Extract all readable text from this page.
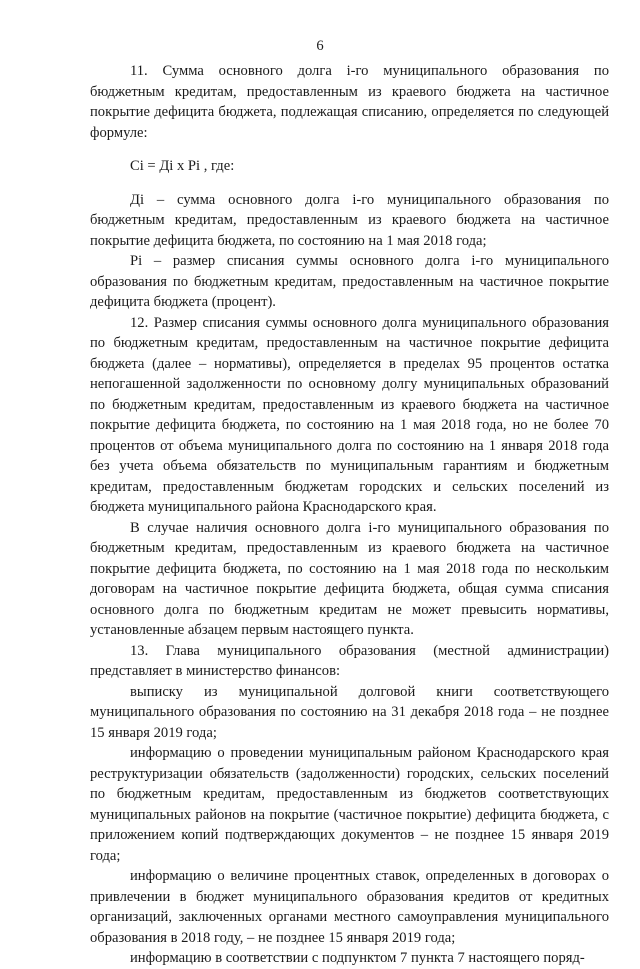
6

11. Сумма основного долга i-го муниципального образования по бюджетным кредитам, предоставленным из краевого бюджета на частичное покрытие дефицита бюджета, подлежащая списанию, определяется по следующей формуле:

Сi = Дi х Рi , где:

Дi – сумма основного долга i-го муниципального образования по бюджетным кредитам, предоставленным из краевого бюджета на частичное покрытие дефицита бюджета, по состоянию на 1 мая 2018 года;

Рi – размер списания суммы основного долга i-го муниципального образования по бюджетным кредитам, предоставленным на частичное покрытие дефицита бюджета (процент).

12. Размер списания суммы основного долга муниципального образования по бюджетным кредитам, предоставленным на частичное покрытие дефицита бюджета (далее – нормативы), определяется в пределах 95 процентов остатка непогашенной задолженности по основному долгу муниципальных образований по бюджетным кредитам, предоставленным из краевого бюджета на частичное покрытие дефицита бюджета, по состоянию на 1 мая 2018 года, но не более 70 процентов от объема муниципального долга по состоянию на 1 января 2018 года без учета объема обязательств по муниципальным гарантиям и бюджетным кредитам, предоставленным бюджетам городских и сельских поселений из бюджета муниципального района Краснодарского края.

В случае наличия основного долга i-го муниципального образования по бюджетным кредитам, предоставленным из краевого бюджета на частичное покрытие дефицита бюджета, по состоянию на 1 мая 2018 года по нескольким договорам на частичное покрытие дефицита бюджета, общая сумма списания основного долга по бюджетным кредитам не может превысить нормативы, установленные абзацем первым настоящего пункта.

13. Глава муниципального образования (местной администрации) представляет в министерство финансов:

выписку из муниципальной долговой книги соответствующего муниципального образования по состоянию на 31 декабря 2018 года – не позднее 15 января 2019 года;

информацию о проведении муниципальным районом Краснодарского края реструктуризации обязательств (задолженности) городских, сельских поселений по бюджетным кредитам, предоставленным из бюджетов соответствующих муниципальных районов на покрытие (частичное покрытие) дефицита бюджета, с приложением копий подтверждающих документов – не позднее 15 января 2019 года;

информацию о величине процентных ставок, определенных в договорах о привлечении в бюджет муниципального образования кредитов от кредитных организаций, заключенных органами местного самоуправления муниципального образования в 2018 году, – не позднее 15 января 2019 года;

информацию в соответствии с подпунктом 7 пункта 7 настоящего поряд-
